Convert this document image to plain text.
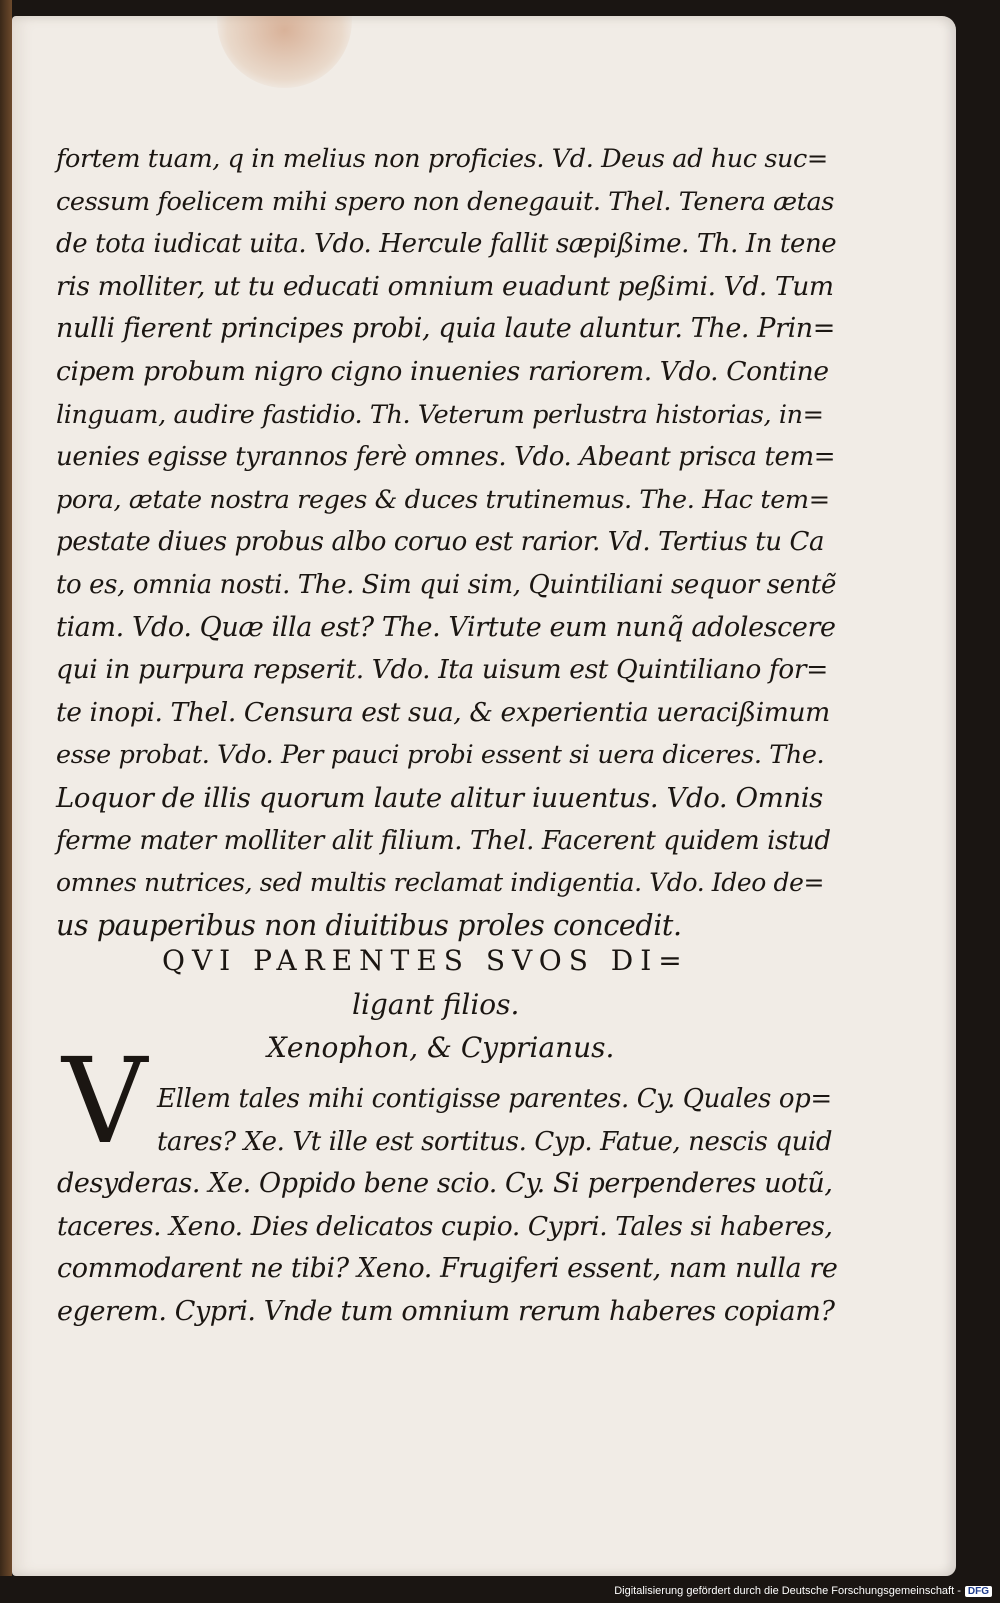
fortem tuam, q in melius non proficies. Vd. Deus ad huc suc=
cessum foelicem mihi spero non denegauit. Thel. Tenera ætas
de tota iudicat uita. Vdo. Hercule fallit sæpißime. Th. In tene
ris molliter, ut tu educati omnium euadunt peßimi. Vd. Tum
nulli fierent principes probi, quia laute aluntur. The. Prin=
cipem probum nigro cigno inuenies rariorem. Vdo. Contine
linguam, audire fastidio. Th. Veterum perlustra historias, in=
uenies egisse tyrannos ferè omnes. Vdo. Abeant prisca tem=
pora, ætate nostra reges & duces trutinemus. The. Hac tem=
pestate diues probus albo coruo est rarior. Vd. Tertius tu Ca
to es, omnia nosti. The. Sim qui sim, Quintiliani sequor sentẽ
tiam. Vdo. Quæ illa est? The. Virtute eum nunq̃ adolescere
qui in purpura repserit. Vdo. Ita uisum est Quintiliano for=
te inopi. Thel. Censura est sua, & experientia ueracißimum
esse probat. Vdo. Per pauci probi essent si uera diceres. The.
Loquor de illis quorum laute alitur iuuentus. Vdo. Omnis
ferme mater molliter alit filium. Thel. Facerent quidem istud
omnes nutrices, sed multis reclamat indigentia. Vdo. Ideo de=
us pauperibus non diuitibus proles concedit.
QVI PARENTES SVOS DI=
ligant filios.
Xenophon, & Cyprianus.
V Ellem tales mihi contigisse parentes. Cy. Quales op=
tares? Xe. Vt ille est sortitus. Cyp. Fatue, nescis quid
desyderas. Xe. Oppido bene scio. Cy. Si perpenderes uotũ,
taceres. Xeno. Dies delicatos cupio. Cypri. Tales si haberes,
commodarent ne tibi? Xeno. Frugiferi essent, nam nulla re
egerem. Cypri. Vnde tum omnium rerum haberes copiam?
Digitalisierung gefördert durch die Deutsche Forschungsgemeinschaft - DFG
